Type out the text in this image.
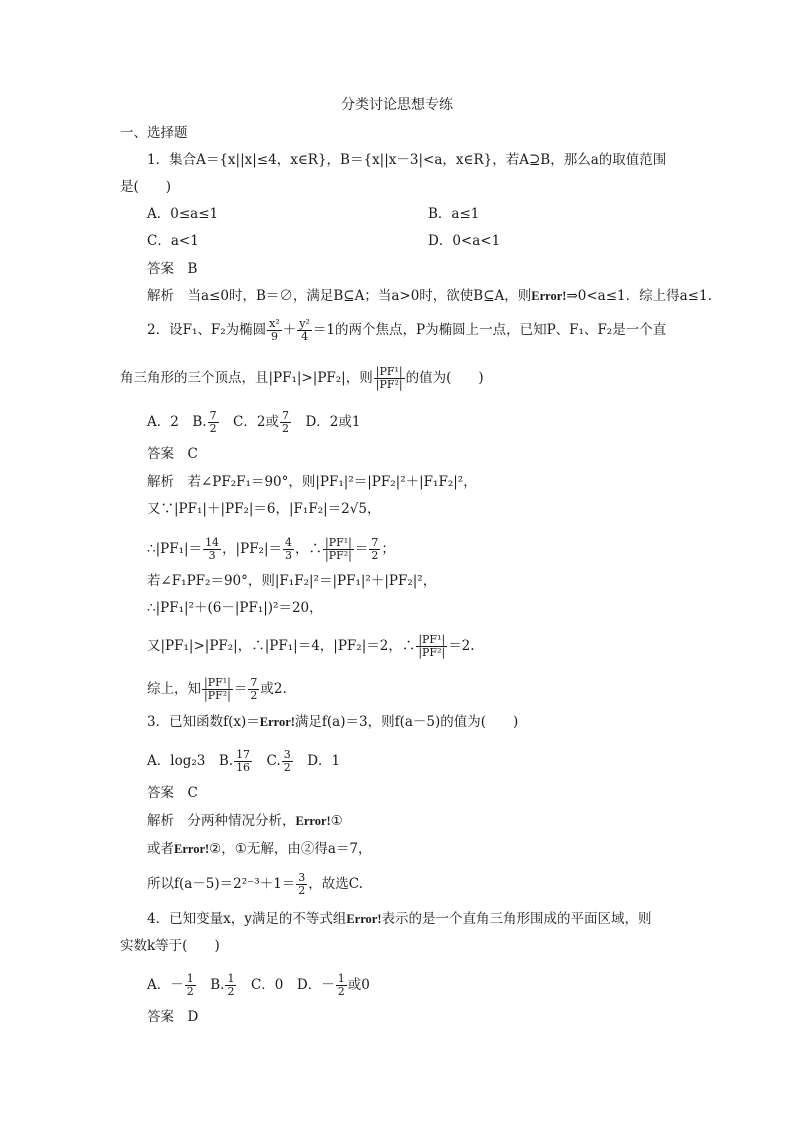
分类讨论思想专练
一、选择题
1．集合A＝{x||x|≤4，x∈R}，B＝{x||x－3|<a，x∈R}，若A⊇B，那么a的取值范围
是(　　)
A．0≤a≤1	B．a≤1
C．a<1	D．0<a<1
答案　B
解析　当a≤0时，B＝∅，满足B⊆A；当a>0时，欲使B⊆A，则Error!⇒0<a≤1．综上得a≤1.
2．设F₁、F₂为椭圆 $\frac{\text{x²}}{9} + \frac{\text{y²}}{4} =1$的两个焦点，P为椭圆上一点，已知P、F₁、F₂是一个直
角三角形的三个顶点，且|PF₁|>|PF₂|，则 $\frac{\text{|PF¹|}}{\text{|PF²|}}$ 的值为(　　)
A．2　B. $\frac{7}{2}$ 　C．2或 $\frac{7}{2}$ 　D．2或1
答案　C
解析　若∠PF₂F₁＝90°，则|PF₁|²＝|PF₂|²＋|F₁F₂|²，
又∵|PF₁|＋|PF₂|＝6，|F₁F₂|＝2√5，
∴|PF₁|＝ $\frac{14}{3}$ ，$|PF_2|= \frac{4}{3}$ ，∴ $\frac{\text{|PF¹|}}{\text{|PF²|}} = \frac{7}{2}$ ；
若∠F₁PF₂＝90°，则|F₁F₂|²＝|PF₁|²＋|PF₂|²，
∴|PF₁|²＋(6－|PF₁|)²＝20，
又|PF₁|>|PF₂|，∴|PF₁|＝4，|PF₂|＝2，∴ $\frac{\text{|PF¹|}}{\text{|PF²|}} =2$.
综上，知 $\frac{\text{|PF¹|}}{\text{|PF²|}} = \frac{7}{2}$ 或2.
3．已知函数f(x)＝Error!满足f(a)＝3，则f(a－5)的值为(　　)
A．log₂3　B. $\frac{17}{16}$ 　C. $\frac{3}{2}$ 　D．1
答案　C
解析　分两种情况分析，Error!①
或者Error!②，①无解，由②得a＝7，
所以$f(a-5)=2^{2-3}+1= \frac{3}{2}$ ，故选C.
4．已知变量x，y满足的不等式组Error!表示的是一个直角三角形围成的平面区域，则
实数k等于(　　)
A．－ $\frac{1}{2}$ 　B. $\frac{1}{2}$ 　C．0　D．－ $\frac{1}{2}$ 或0
答案　D
